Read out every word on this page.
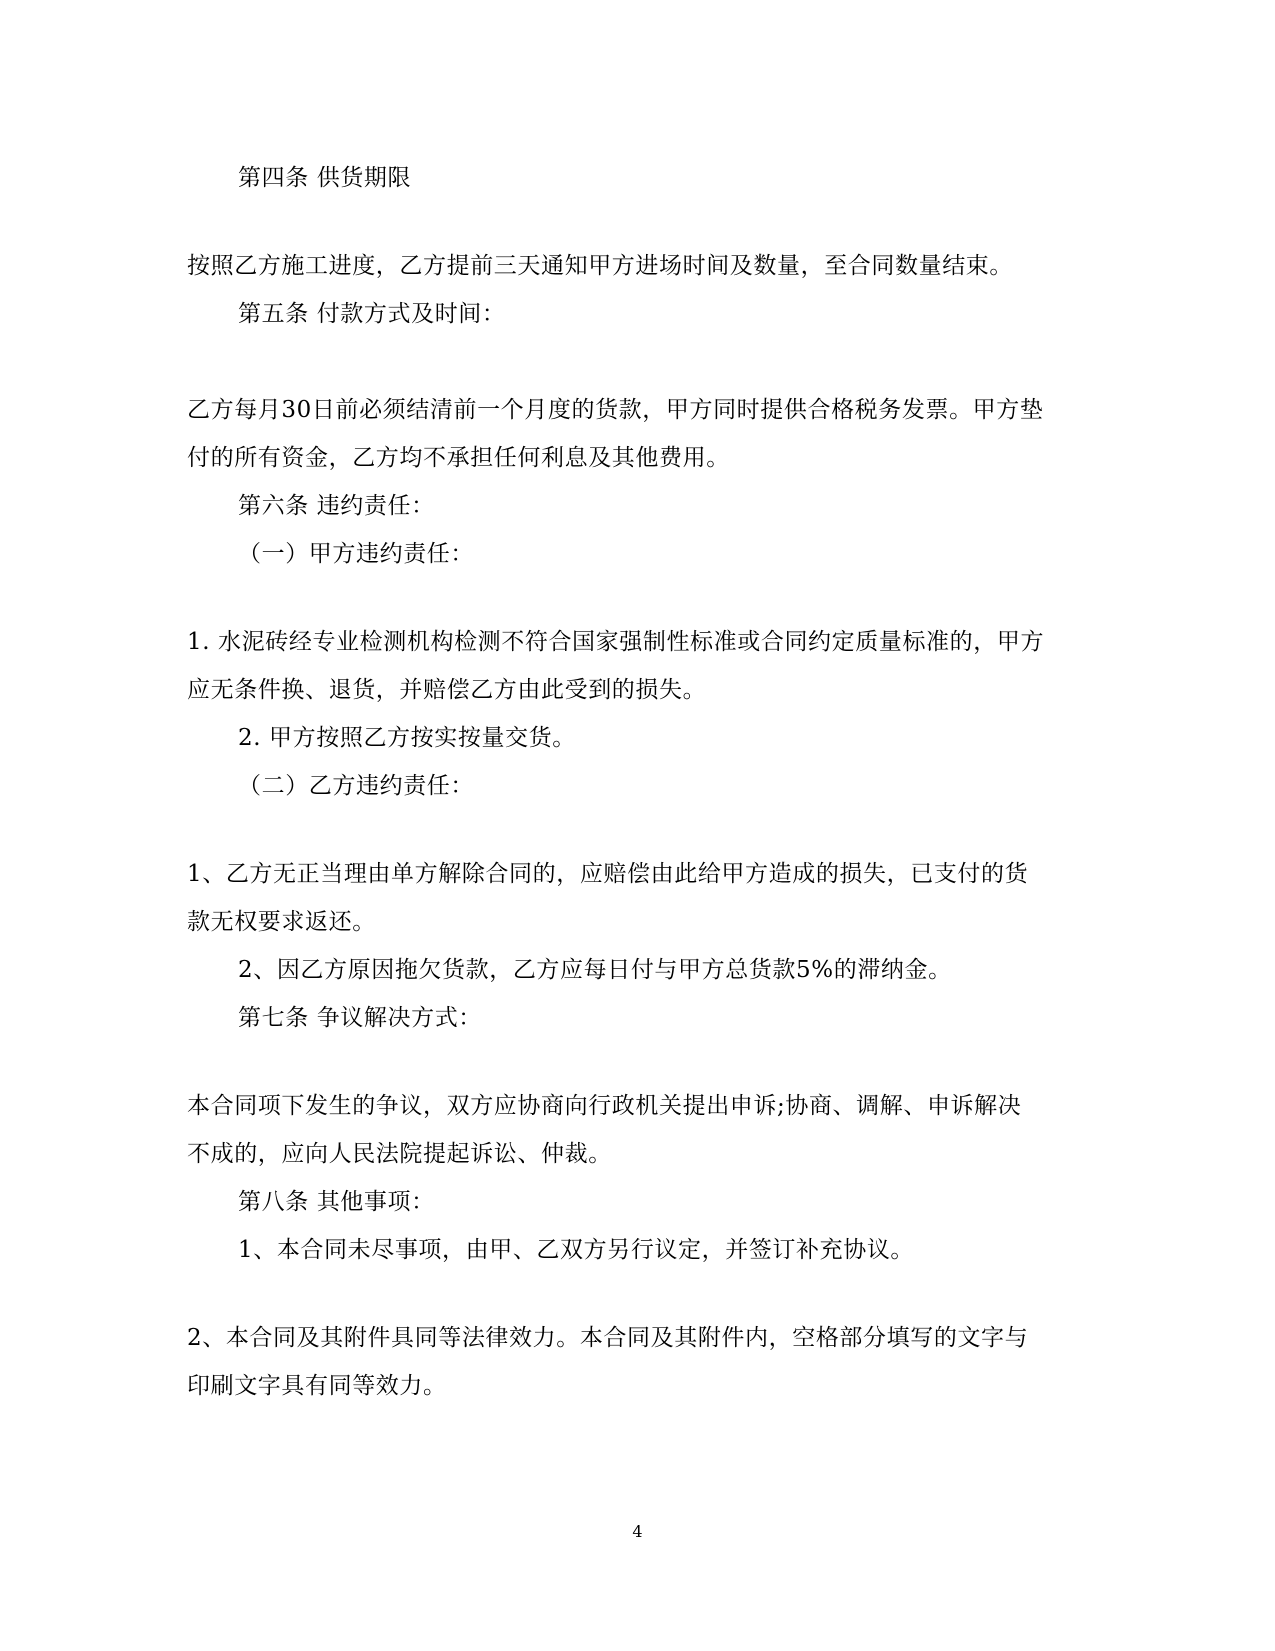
第四条 供货期限
按照乙方施工进度，乙方提前三天通知甲方进场时间及数量，至合同数量结束。
第五条 付款方式及时间：
乙方每月30日前必须结清前一个月度的货款，甲方同时提供合格税务发票。甲方垫
付的所有资金，乙方均不承担任何利息及其他费用。
第六条 违约责任：
（一）甲方违约责任：
1. 水泥砖经专业检测机构检测不符合国家强制性标准或合同约定质量标准的，甲方
应无条件换、退货，并赔偿乙方由此受到的损失。
2. 甲方按照乙方按实按量交货。
（二）乙方违约责任：
1、乙方无正当理由单方解除合同的，应赔偿由此给甲方造成的损失，已支付的货
款无权要求返还。
2、因乙方原因拖欠货款，乙方应每日付与甲方总货款5%的滞纳金。
第七条 争议解决方式：
本合同项下发生的争议，双方应协商向行政机关提出申诉;协商、调解、申诉解决
不成的，应向人民法院提起诉讼、仲裁。
第八条 其他事项：
1、本合同未尽事项，由甲、乙双方另行议定，并签订补充协议。
2、本合同及其附件具同等法律效力。本合同及其附件内，空格部分填写的文字与
印刷文字具有同等效力。
4
